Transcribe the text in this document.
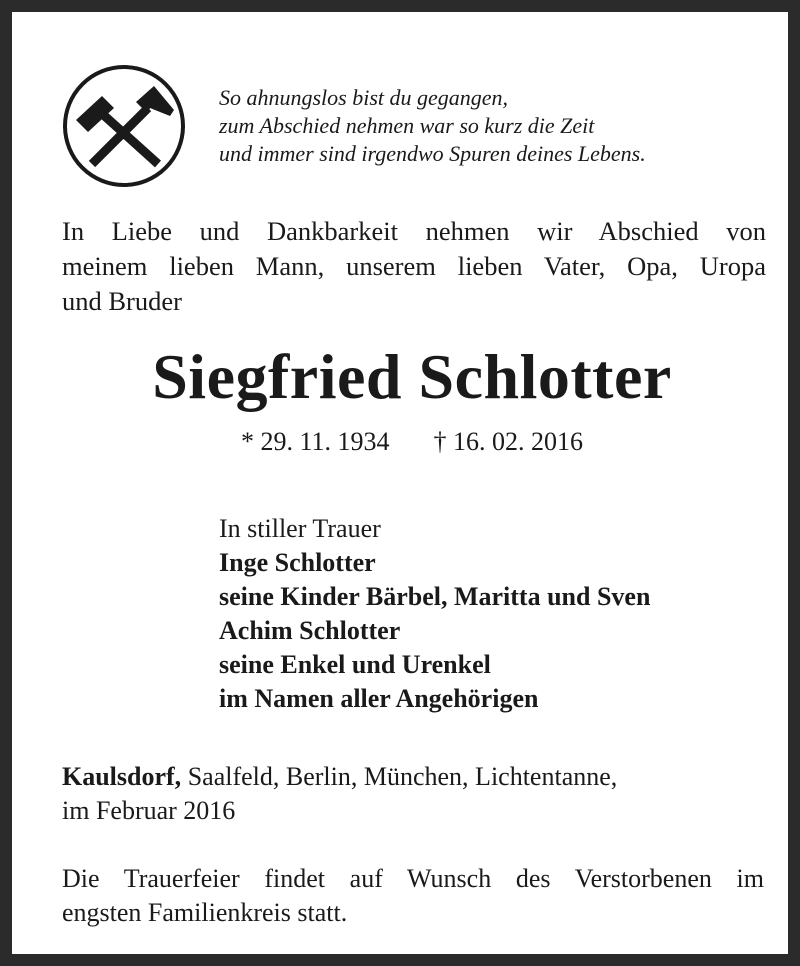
So ahnungslos bist du gegangen,
zum Abschied nehmen war so kurz die Zeit
und immer sind irgendwo Spuren deines Lebens.
In Liebe und Dankbarkeit nehmen wir Abschied von
meinem lieben Mann, unserem lieben Vater, Opa, Uropa
und Bruder
Siegfried Schlotter
* 29. 11. 1934 † 16. 02. 2016
In stiller Trauer
Inge Schlotter
seine Kinder Bärbel, Maritta und Sven
Achim Schlotter
seine Enkel und Urenkel
im Namen aller Angehörigen
Kaulsdorf, Saalfeld, Berlin, München, Lichtentanne,
im Februar 2016
Die Trauerfeier findet auf Wunsch des Verstorbenen im
engsten Familienkreis statt.
